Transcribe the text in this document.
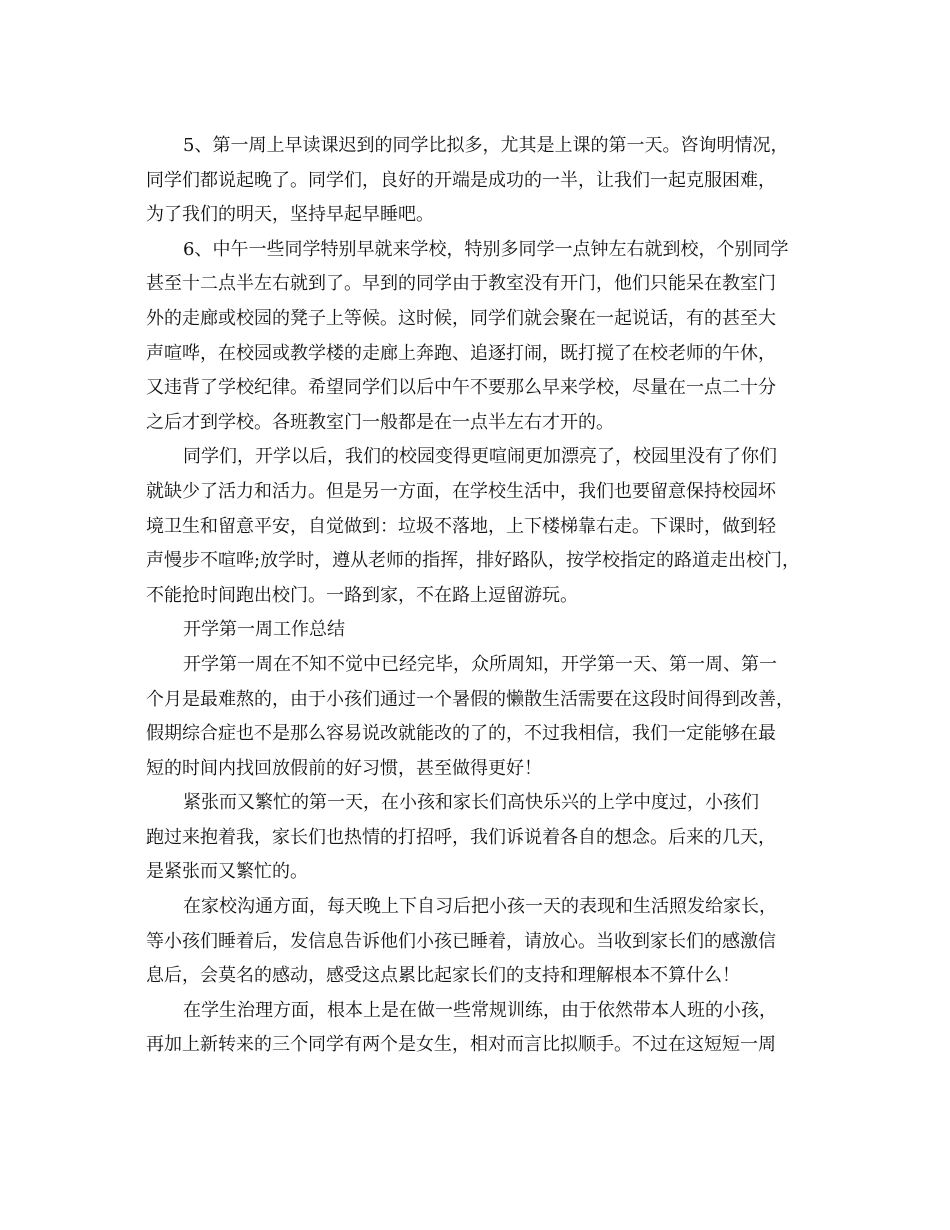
5、第一周上早读课迟到的同学比拟多，尤其是上课的第一天。咨询明情况，
同学们都说起晚了。同学们，良好的开端是成功的一半，让我们一起克服困难，
为了我们的明天，坚持早起早睡吧。
6、中午一些同学特别早就来学校，特别多同学一点钟左右就到校，个别同学
甚至十二点半左右就到了。早到的同学由于教室没有开门，他们只能呆在教室门
外的走廊或校园的凳子上等候。这时候，同学们就会聚在一起说话，有的甚至大
声喧哗，在校园或教学楼的走廊上奔跑、追逐打闹，既打搅了在校老师的午休，
又违背了学校纪律。希望同学们以后中午不要那么早来学校，尽量在一点二十分
之后才到学校。各班教室门一般都是在一点半左右才开的。
同学们，开学以后，我们的校园变得更喧闹更加漂亮了，校园里没有了你们
就缺少了活力和活力。但是另一方面，在学校生活中，我们也要留意保持校园坏
境卫生和留意平安，自觉做到：垃圾不落地，上下楼梯靠右走。下课时，做到轻
声慢步不喧哗;放学时，遵从老师的指挥，排好路队，按学校指定的路道走出校门，
不能抢时间跑出校门。一路到家，不在路上逗留游玩。
开学第一周工作总结
开学第一周在不知不觉中已经完毕，众所周知，开学第一天、第一周、第一
个月是最难熬的，由于小孩们通过一个暑假的懒散生活需要在这段时间得到改善，
假期综合症也不是那么容易说改就能改的了的，不过我相信，我们一定能够在最
短的时间内找回放假前的好习惯，甚至做得更好！
紧张而又繁忙的第一天，在小孩和家长们高快乐兴的上学中度过，小孩们
跑过来抱着我，家长们也热情的打招呼，我们诉说着各自的想念。后来的几天，
是紧张而又繁忙的。
在家校沟通方面，每天晚上下自习后把小孩一天的表现和生活照发给家长，
等小孩们睡着后，发信息告诉他们小孩已睡着，请放心。当收到家长们的感激信
息后，会莫名的感动，感受这点累比起家长们的支持和理解根本不算什么！
在学生治理方面，根本上是在做一些常规训练，由于依然带本人班的小孩，
再加上新转来的三个同学有两个是女生，相对而言比拟顺手。不过在这短短一周
